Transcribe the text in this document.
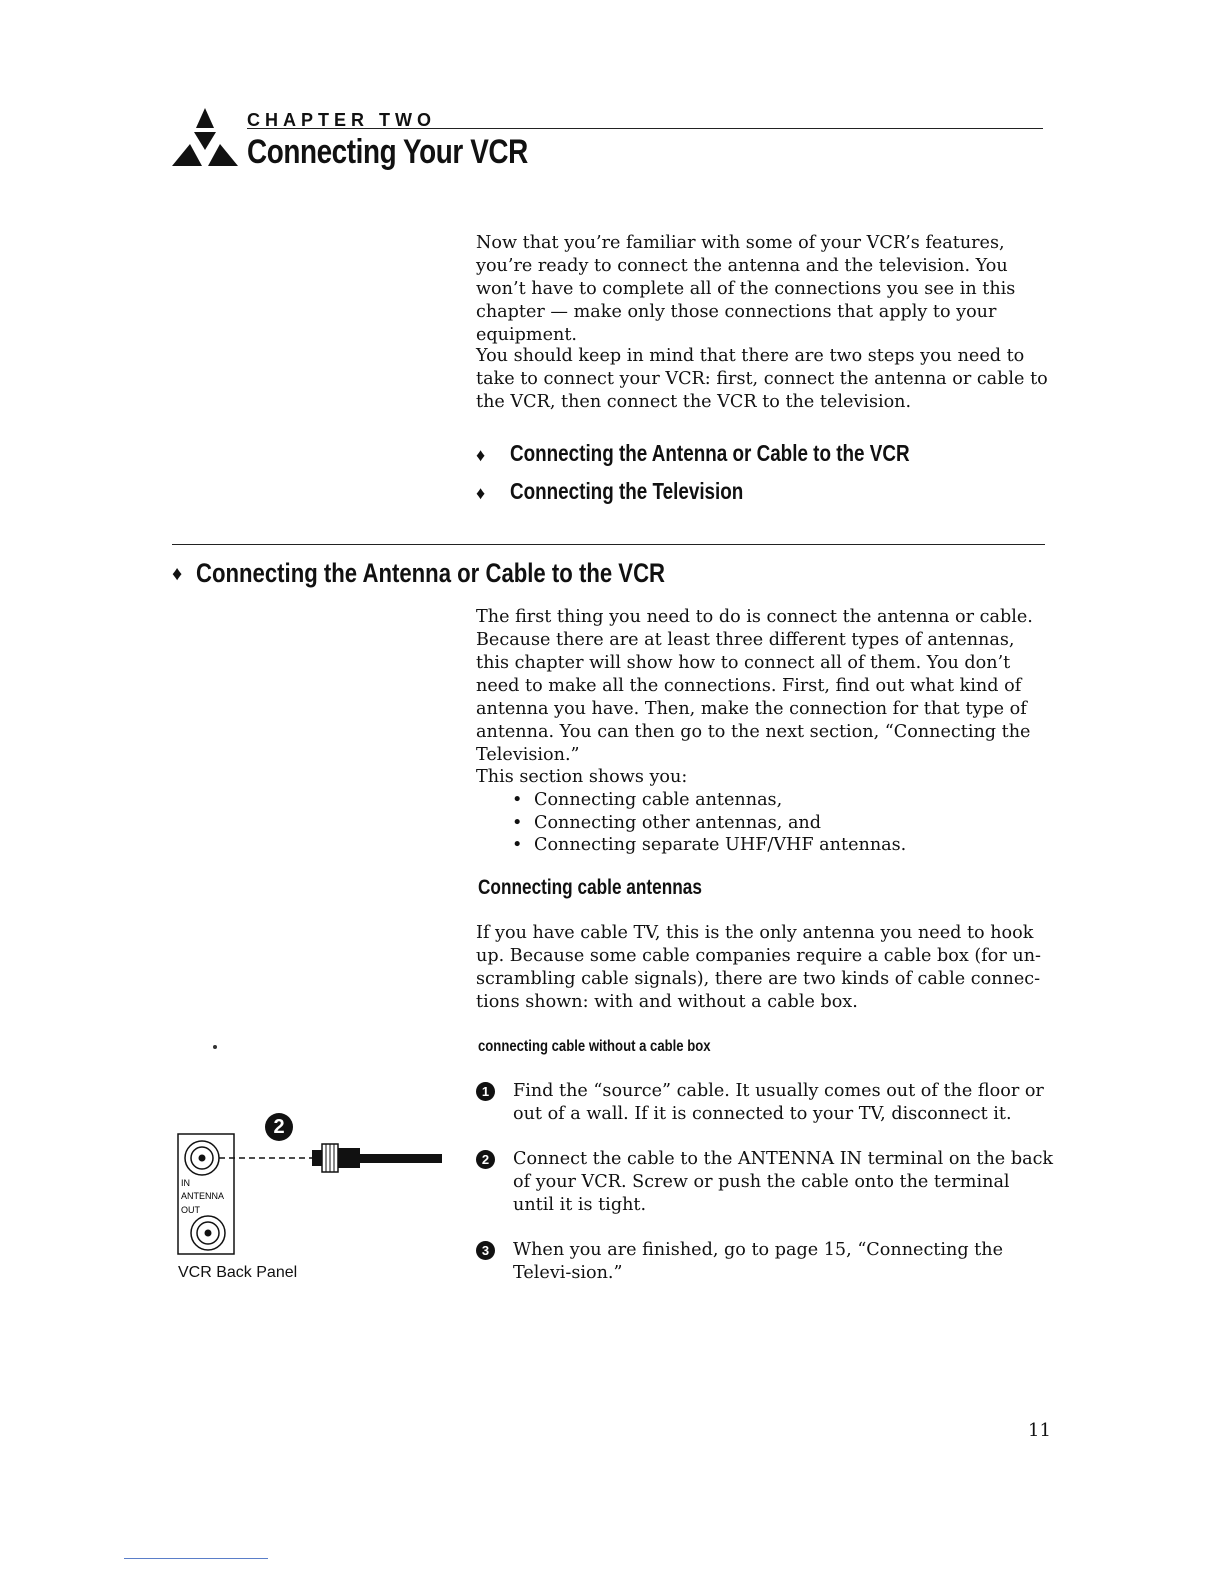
CHAPTER TWO
Connecting Your VCR

Now that you’re familiar with some of your VCR’s features, you’re ready to connect the antenna and the television. You won’t have to complete all of the connections you see in this chapter — make only those connections that apply to your equipment.

You should keep in mind that there are two steps you need to take to connect your VCR: first, connect the antenna or cable to the VCR, then connect the VCR to the television.

♦ Connecting the Antenna or Cable to the VCR
♦ Connecting the Television
♦ Connecting the Antenna or Cable to the VCR

The first thing you need to do is connect the antenna or cable. Because there are at least three different types of antennas, this chapter will show how to connect all of them. You don’t need to make all the connections. First, find out what kind of antenna you have. Then, make the connection for that type of antenna. You can then go to the next section, “Connecting the Television.”

This section shows you:

• Connecting cable antennas,
• Connecting other antennas, and
• Connecting separate UHF/VHF antennas.
Connecting cable antennas

If you have cable TV, this is the only antenna you need to hook up. Because some cable companies require a cable box (for un-scrambling cable signals), there are two kinds of cable connec-tions shown: with and without a cable box.

connecting cable without a cable box
1	Find the “source” cable. It usually comes out of the floor or out of a wall. If it is connected to your TV, disconnect it.
2	Connect the cable to the ANTENNA IN terminal on the back of your VCR. Screw or push the cable onto the terminal until it is tight.
3	When you are finished, go to page 15, “Connecting the Televi-sion.”
2
IN
ANTENNA
OUT
VCR Back Panel
11
